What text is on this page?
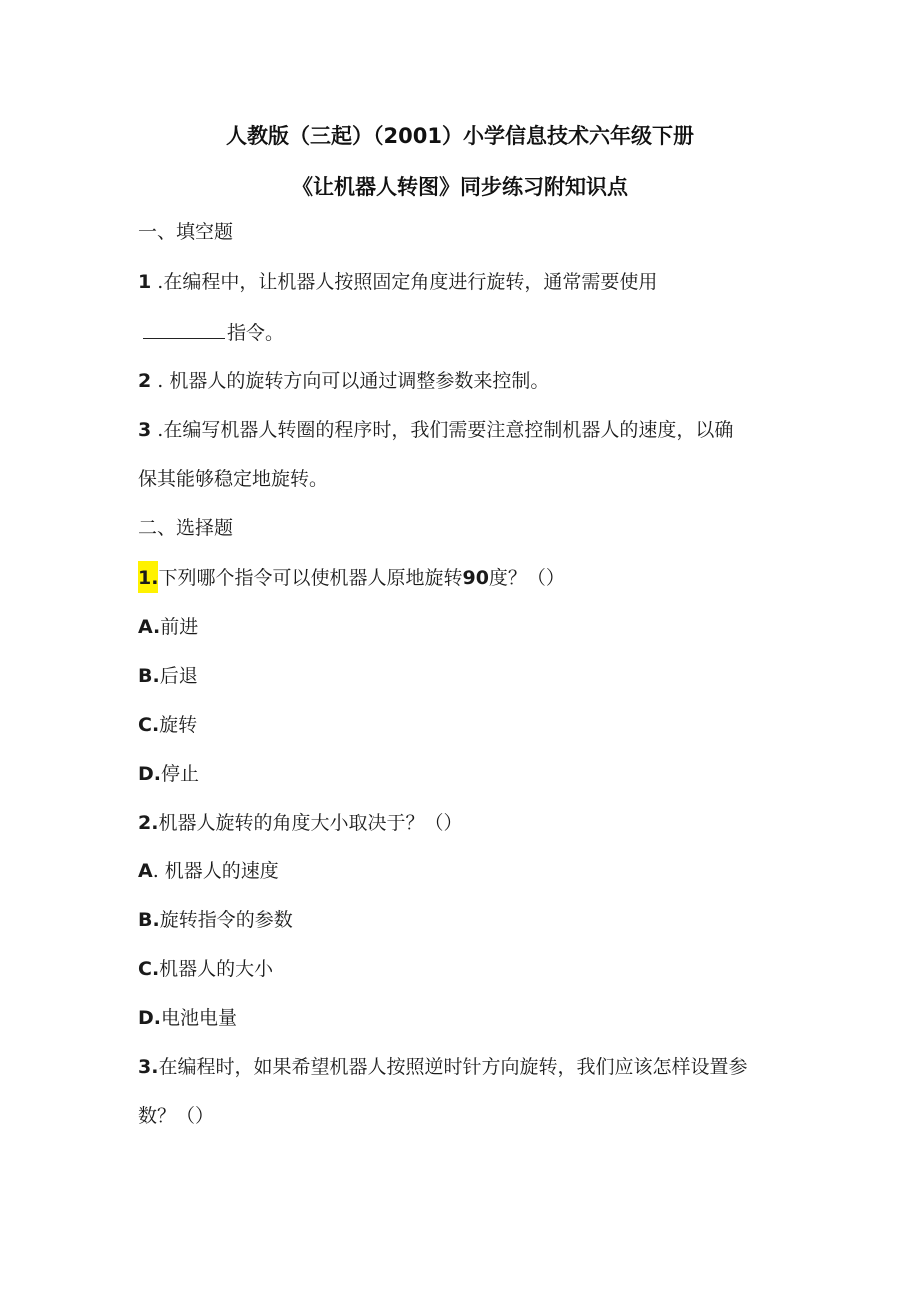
人教版（三起）（2001）小学信息技术六年级下册
《让机器人转图》同步练习附知识点
一、填空题
1 .在编程中，让机器人按照固定角度进行旋转，通常需要使用
指令。
2 . 机器人的旋转方向可以通过调整参数来控制。
3 .在编写机器人转圈的程序时，我们需要注意控制机器人的速度，以确
保其能够稳定地旋转。
二、选择题
1.下列哪个指令可以使机器人原地旋转90度？（）
A.前进
B.后退
C.旋转
D.停止
2.机器人旋转的角度大小取决于？（）
A. 机器人的速度
B.旋转指令的参数
C.机器人的大小
D.电池电量
3.在编程时，如果希望机器人按照逆时针方向旋转，我们应该怎样设置参
数？（）
